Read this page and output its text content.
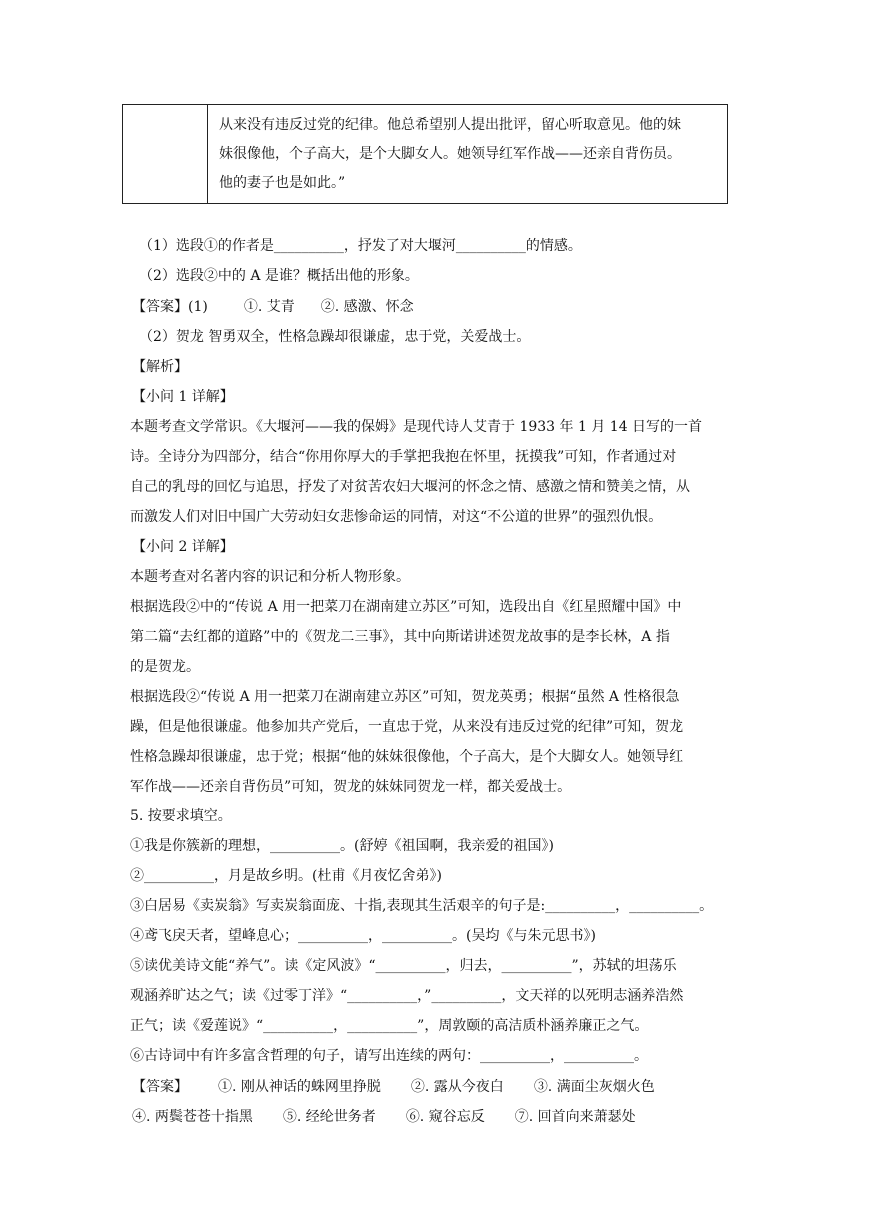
从来没有违反过党的纪律。他总希望别人提出批评，留心听取意见。他的妹
妹很像他，个子高大，是个大脚女人。她领导红军作战——还亲自背伤员。
他的妻子也是如此。”
（1）选段①的作者是__________，抒发了对大堰河__________的情感。
（2）选段②中的 A 是谁？概括出他的形象。
【答案】(1)	①. 艾青 ②. 感激、怀念
（2）贺龙 智勇双全，性格急躁却很谦虚，忠于党，关爱战士。
【解析】
【小问 1 详解】
本题考查文学常识。《大堰河——我的保姆》是现代诗人艾青于 1933 年 1 月 14 日写的一首
诗。全诗分为四部分，结合“你用你厚大的手掌把我抱在怀里，抚摸我”可知，作者通过对
自己的乳母的回忆与追思，抒发了对贫苦农妇大堰河的怀念之情、感激之情和赞美之情，从
而激发人们对旧中国广大劳动妇女悲惨命运的同情，对这“不公道的世界”的强烈仇恨。
【小问 2 详解】
本题考查对名著内容的识记和分析人物形象。
根据选段②中的“传说 A 用一把菜刀在湖南建立苏区”可知，选段出自《红星照耀中国》中
第二篇“去红都的道路”中的《贺龙二三事》，其中向斯诺讲述贺龙故事的是李长林，A 指
的是贺龙。
根据选段②“传说 A 用一把菜刀在湖南建立苏区”可知，贺龙英勇；根据“虽然 A 性格很急
躁，但是他很谦虚。他参加共产党后，一直忠于党，从来没有违反过党的纪律”可知，贺龙
性格急躁却很谦虚，忠于党；根据“他的妹妹很像他，个子高大，是个大脚女人。她领导红
军作战——还亲自背伤员”可知，贺龙的妹妹同贺龙一样，都关爱战士。
5. 按要求填空。
①我是你簇新的理想，__________。(舒婷《祖国啊，我亲爱的祖国》)
②__________，月是故乡明。(杜甫《月夜忆舍弟》)
③白居易《卖炭翁》写卖炭翁面庞、十指,表现其生活艰辛的句子是:__________，__________。
④鸢飞戾天者，望峰息心；__________，__________。(吴均《与朱元思书》)
⑤读优美诗文能“养气”。读《定风波》“__________，归去，__________”，苏轼的坦荡乐
观涵养旷达之气；读《过零丁洋》“__________，”__________，文天祥的以死明志涵养浩然
正气；读《爱莲说》“__________，__________”，周敦颐的高洁质朴涵养廉正之气。
⑥古诗词中有许多富含哲理的句子，请写出连续的两句：__________，__________。
【答案】 ①. 刚从神话的蛛网里挣脱 ②. 露从今夜白 ③. 满面尘灰烟火色
④. 两鬓苍苍十指黑 ⑤. 经纶世务者 ⑥. 窥谷忘反 ⑦. 回首向来萧瑟处
